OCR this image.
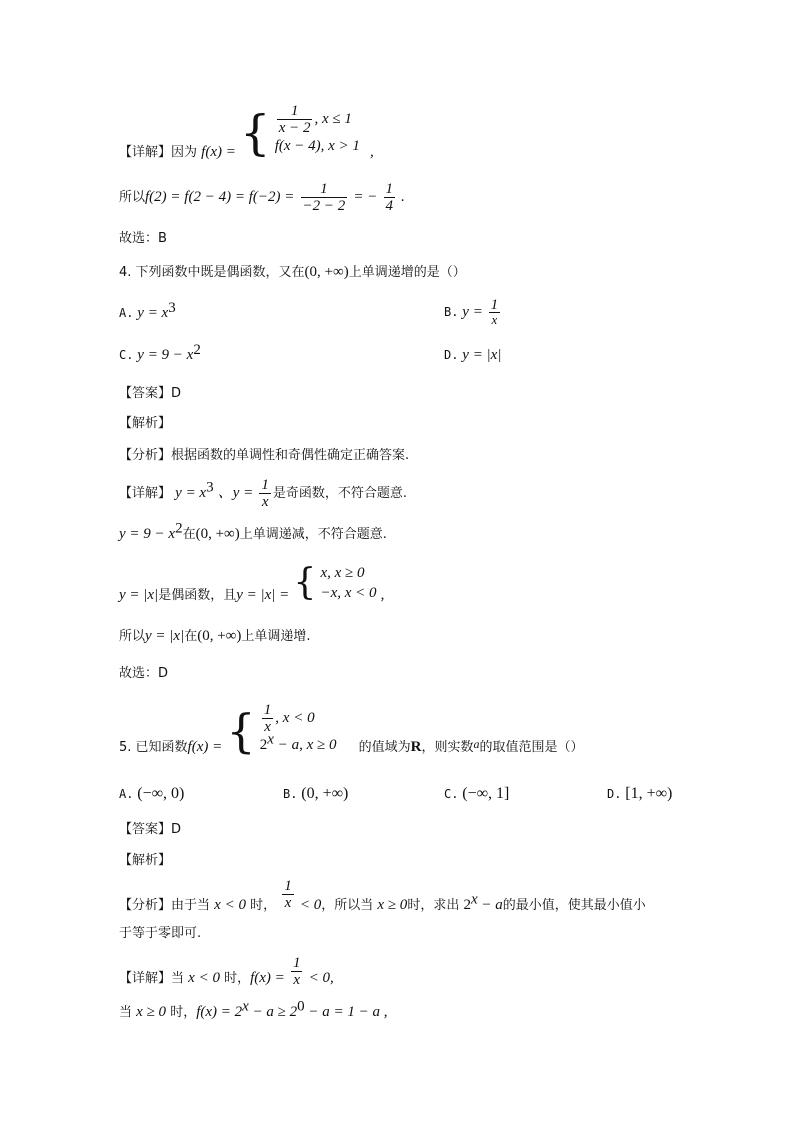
【详解】因为 f(x) = { $\frac{1}{x - 2}$ , x ≤ 1
f(x − 4), x > 1 ,
所以$f(2) = f(2 - 4) = f(-2) = \frac{1}{-2 - 2}$ = − $\frac{1}{4}$ .
故选：B
4. 下列函数中既是偶函数，又在(0, +∞)上单调递增的是（）
A. $y = x^3$	B. $y = \frac{1}{x}$
C. $y = 9 - x^2$	D. y = |x|
【答案】D
【解析】
【分析】根据函数的单调性和奇偶性确定正确答案.
【详解】 $y = x^3$ 、$y = \frac{1}{x}$ 是奇函数，不符合题意.
$y = 9 - x^2$在(0, +∞)上单调递减，不符合题意.
y = |x|是偶函数，且y = |x| = { x, x ≥ 0
−x, x < 0 ,
所以y = |x|在(0, +∞)上单调递增.
故选：D
5. 已知函数f(x) = { $\frac{1}{x}$ , x < 0
$2^x - a$, x ≥ 0 的值域为R，则实数a的取值范围是（）
A. (−∞, 0)	B. (0, +∞)	C. (−∞, 1]	D. [1, +∞)
【答案】D
【解析】
【分析】由于当 x < 0 时， $\frac{1}{x} < 0$，所以当 x ≥ 0时，求出 $2^x - a$的最小值，使其最小值小
于等于零即可.
【详解】当 x < 0 时，$f(x) = \frac{1}{x} < 0$,
当 x ≥ 0 时，$f(x) = 2^x - a \ge 2^0 - a = 1 - a$ ,
